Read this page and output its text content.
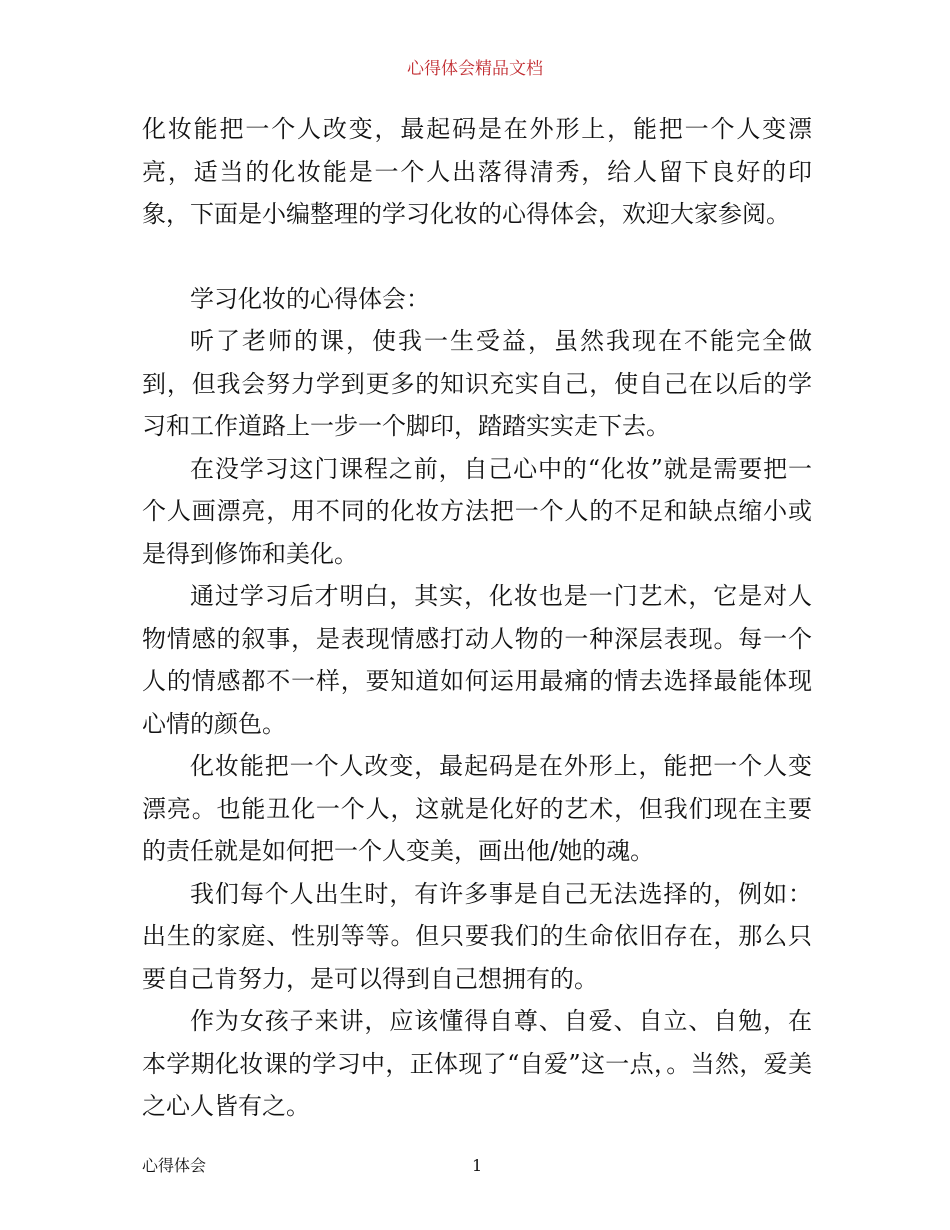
心得体会精品文档

化妆能把一个人改变，最起码是在外形上，能把一个人变漂亮，适当的化妆能是一个人出落得清秀，给人留下良好的印象，下面是小编整理的学习化妆的心得体会，欢迎大家参阅。

学习化妆的心得体会：

听了老师的课，使我一生受益，虽然我现在不能完全做到，但我会努力学到更多的知识充实自己，使自己在以后的学习和工作道路上一步一个脚印，踏踏实实走下去。

在没学习这门课程之前，自己心中的“化妆”就是需要把一个人画漂亮，用不同的化妆方法把一个人的不足和缺点缩小或是得到修饰和美化。

通过学习后才明白，其实，化妆也是一门艺术，它是对人物情感的叙事，是表现情感打动人物的一种深层表现。每一个人的情感都不一样，要知道如何运用最痛的情去选择最能体现心情的颜色。

化妆能把一个人改变，最起码是在外形上，能把一个人变漂亮。也能丑化一个人，这就是化好的艺术，但我们现在主要的责任就是如何把一个人变美，画出他/她的魂。

我们每个人出生时，有许多事是自己无法选择的，例如：出生的家庭、性别等等。但只要我们的生命依旧存在，那么只要自己肯努力，是可以得到自己想拥有的。

作为女孩子来讲，应该懂得自尊、自爱、自立、自勉，在本学期化妆课的学习中，正体现了“自爱”这一点，。当然，爱美之心人皆有之。

心得体会	1
